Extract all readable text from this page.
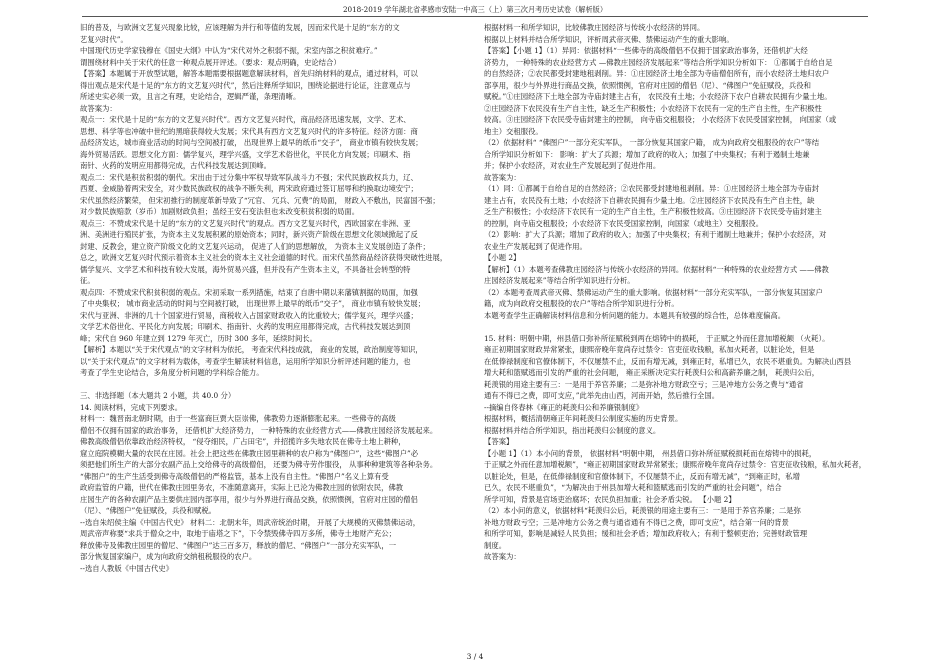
2018-2019 学年湖北省孝感市安陆一中高三（上）第三次月考历史试卷（解析版）

旧的普及，与欧洲文艺复兴现象比较，应该理解为并行和等值的发展，因而宋代是十足的“东方的文

艺复兴时代”。

中国现代历史学家钱穆在《国史大纲》中认为“宋代对外之积弱不振，宋室内部之积贫难疗。”

谓围绕材料中关于宋代的任意一种观点展开评述。（要求：观点明确，史论结合）

【答案】本题属于开放型试题，解答本题需要根据题意解读材料，首先归纳材料的观点，通过材料，可以

得出观点是宋代是十足的“东方的文艺复兴时代”，然后注释所学知识，围绕论据进行论证，注意观点与

所述史实必须一致，且言之有理，史论结合，逻辑严谨，条理清晰。

故答案为：

观点一：宋代是十足的“东方的文艺复兴时代”。西方文艺复兴时代，商品经济迅速发展，文学、艺术、

思想、科学等也冲破中世纪的黑暗获得较大发展；宋代具有西方文艺复兴时代的许多特征。经济方面：商

品经济发达，城市商业活动的时间与空间被打破， 出现世界上最早的纸币“交子”， 商业市镇有较快发展；

海外贸易活跃。思想文化方面：儒学复兴，理学兴盛，文学艺术俗世化，平民化方向发展；印刷术、指

南针、火药的发明应用都得完成，古代科技发展达到顶峰。

观点二：宋代是积贫积弱的朝代。宋出由于过分集中军权导致军队战斗力不强；宋代民族政权兵力，辽、

西夏、金威胁着两宋安全，对少数民族政权的战争不断失利，两宋政府通过签订屈辱和约换取边境安宁；

宋代虽然经济繁荣， 但宋初推行的制度革新导致了“冗官、 冗兵、冗费”的局面， 财政入不敷出，民富国不强；

对少数民族赔款（岁币）加剧财政负担；虽经王安石变法但也未改变积贫积弱的局面。

观点三：不赞成宋代是十足的“东方的文艺复兴时代”的观点。西方文艺复兴时代，西欧国家在非洲、亚

洲、美洲进行殖民扩张，为资本主义发展积累的原始资本；同时，新兴资产阶级在思想文化领域掀起了反

封建、反教会，建立资产阶级文化的文艺复兴运动， 促进了人们的思想解放， 为资本主义发展创造了条件；

总之，欧洲文艺复兴时代预示着资本主义社会的资本主义社会道德的时代。而宋代虽然商品经济获得突破性进展，

儒学复兴、文学艺术和科技有较大发展，海外贸易兴盛，但并没有产生资本主义，不具备社会转型的特

征。

观点四：不赞成宋代积贫积弱的观点。宋初采取一系列措施，结束了自唐中期以来藩镇割据的局面，加强

了中央集权； 城市商业活动的时间与空间被打破， 出现世界上最早的纸币“交子”， 商业市镇有较快发展；

宋代与亚洲、非洲的几十个国家进行贸易，商税收入占国家财政收入的比重较大；儒学复兴，理学兴盛；

文学艺术俗世化、平民化方向发展；印刷术、指南针、火药的发明应用都得完成，古代科技发展达到顶

峰；宋代自 960 年建立到 1279 年灭亡，历时 300 多年，延续时间长。

【解析】本题以“关于宋代观点”的文字材料为依托， 考查宋代科技成就， 商业的发展，政治制度等知识，

以“关于宋代观点”的文字材料为载体，考查学生解读材料信息，运用所学知识分析评述问题的能力，也

考查了学生史论结合，多角度分析问题的学科综合能力。

三、非选择题（本大题共 2 小题，共 40.0 分）

14. 阅读材料，完成下列要求。

材料一：魏晋南北朝时期，由于一些富商巨贾大臣崇佛，佛教势力逐渐膨胀起来。一些佛寺的高级

僧侣不仅拥有国家的政治事务， 还借机扩大经济势力， 一种特殊的农业经营方式——佛教庄园经济发展起来。

佛教高级僧侣依靠政治经济特权， “侵夺细民，广占田宅”，并招揽许多失地农民在佛寺土地上耕种，

窟立庭院模糊大量的农民在庄园。社会上把这些在佛教庄园里耕种的农户称为“佛图户”，这些“佛图户”必

须把他们所生产的大部分农副产品上交给佛寺的高级僧侣， 还要为佛寺劳作服役， 从事种种建筑等各种杂务。

“佛图户”的生产生活受到佛寺高级僧侣的严格监管，基本上没有自主性。“佛图户”名义上算有受

政府监管的户籍，世代在佛教庄园里务农，不准随意离开，实际上已沦为佛教庄园的依附农民，佛教

庄园生产的各种农副产品主要供庄园内部享用，很少与外界进行商品交换，依照惯例，官府对庄园的僧侣

（尼）、“佛图户”免征赋役，兵役和赋税。

--选自朱绍侯主编《中国古代史》 材料二：北朝末年，周武帝统治时期， 开展了大规模的灭佛禁佛运动，

周武帝声称要“求兵于僧众之中，取地于庙塔之下”，下令禁毁佛寺四万多所，佛寺土地财产充公；

释放佛寺及佛教庄园里的僧尼、“佛图户”达三百多万，释放的僧尼、“佛图户”一部分充实军队，一

部分恢复国家编户，成为向政府交纳租税服役的农户。

--选自人教版《中国古代史》

根据材料一和所学知识，比较佛教庄园经济与传统小农经济的异同。

根据以上材料并结合所学知识，评析周武帝灭佛、禁佛运动产生的重大影响。

【答案】【小题 1】（1）异同：依据材料“一些佛寺的高级僧侣不仅拥于国家政治事务，还借机扩大经

济势力， 一种特殊的农业经营方式 —佛教庄园经济发展起来”等结合所学知识分析如下： ①都属于自给自足

的自然经济；②农民都受封建地租剥削。异：①庄园经济土地全部为寺庙僧侣所有，而小农经济土地归农户

部享用，很少与外界进行商品交换，依照惯例，官府对庄园的僧侣（尼）、“佛图户”免征赋役，兵役和

赋税。”①庄园经济下土地全部为寺庙封建主占有， 农民没有土地；小农经济下农户自耕农民拥有少量土地。

②庄园经济下农民没有生产自主性，缺乏生产积极性；小农经济下农民有一定的生产自主性，生产积极性

较高。③庄园经济下农民受寺庙封建主的控制， 向寺庙交租服役； 小农经济下农民受国家控制， 向国家（或

地主）交租服役。

（2）依据材料“ “佛图户”一部分充实军队， 一部分恢复其国家户籍， 成为向政府交租服役的农户”等结

合所学知识分析如下： 影响：扩大了兵源；增加了政府的收入；加强了中央集权；有利于遏制土地兼

并；保护小农经济，对农业生产发展起到了促进作用。

故答案为：

（1）同：①都属于自给自足的自然经济；②农民都受封建地租剥削。异：①庄园经济土地全部为寺庙封

建主占有，农民没有土地；小农经济下自耕农民拥有少量土地。②庄园经济下农民没有生产自主性，缺

乏生产积极性；小农经济下农民有一定的生产自主性，生产积极性较高。③庄园经济下农民受寺庙封建主

的控制，向寺庙交租服役；小农经济下农民受国家控制，向国家（或地主）交租服役。

（2）影响：扩大了兵源；增加了政府的收入；加强了中央集权；有利于遏制土地兼并；保护小农经济，对

农业生产发展起到了促进作用。

【小题 2】

【解析】（1）本题考查佛教庄园经济与传统小农经济的异同。依据材料“一种特殊的农业经营方式 ——佛教

庄园经济发展起来”等结合所学知识进行分析。

（2）本题考查周武帝灭佛、禁佛运动产生的重大影响。依据材料“一部分充实军队，一部分恢复其国家户

籍，成为向政府交租服役的农户”等结合所学知识进行分析。

本题考查学生正确解读材料信息和分析问题的能力。本题具有较强的综合性，总体难度偏高。

15. 材料：明朝中期，州县借口弥补所征赋税到两在熔铸中的损耗， 于正赋之外而任意加增税额 （火耗）。

雍正初期国家财政异常紧张，康熙帝晚年竟尚存过禁令：官吏征收钱粮，私加火耗者，以脏论处，但是

在低俸禄制度和官僚体制下，不仅屡禁不止，反而有增无减，到雍正时，私增已久，农民不堪重负。为解决山西县

增大耗和篮赋逃而引发的严重的社会问题， 雍正采断决定实行耗羡归公和高薪养廉之制， 耗羡归公后，

耗羡银的用途主要有三：一是用于养官养廉；二是弥补地方财政空亏；三是冲地方公务之费与“通省

通有不得已之费，即可支应，”此举先由山西，河南开始，然后推行全国。

--摘编自佟春林《雍正的耗羡归公和养廉银制度》

根据材料，概括清朝雍正年间耗羡归公制度实施的历史背景。

根据材料并结合所学知识，指出耗羡归公制度的意义。

【答案】

【小题 1】（1）本小问的背景， 依据材料“明朝中期， 州县借口弥补所征赋税损耗而在熔铸中的损耗，

于正赋之外而任意加增税额”，“雍正初期国家财政异常紧张；康熙帝晚年竟尚存过禁令：官吏征收钱粮，私加火耗者，

以脏论处，但是，在低俸禄制度和官僚体制下，不仅屡禁不止，反而有增无减”，“到雍正时，私增

已久，农民不堪重负”，“为解决由于州县加增大耗和篮赋逃而引发的严重的社会问题”，结合

所学可知，背景是官场吏治腐坏；农民负担加重；社会矛盾尖锐。 【小题 2】

（2）本小问的意义，依据材料“耗羡归公后，耗羡银的用途主要有三：一是用于养官养廉；二是弥

补地方财政亏空；三是冲地方公务之费与通省通有不得已之费，即可支应”，结合第一问的背景

和所学可知，影响是减轻人民负担；缓和社会矛盾；增加政府收入；有利于整顿吏治；完善财政管理

制度。

故答案为：

3 / 4
